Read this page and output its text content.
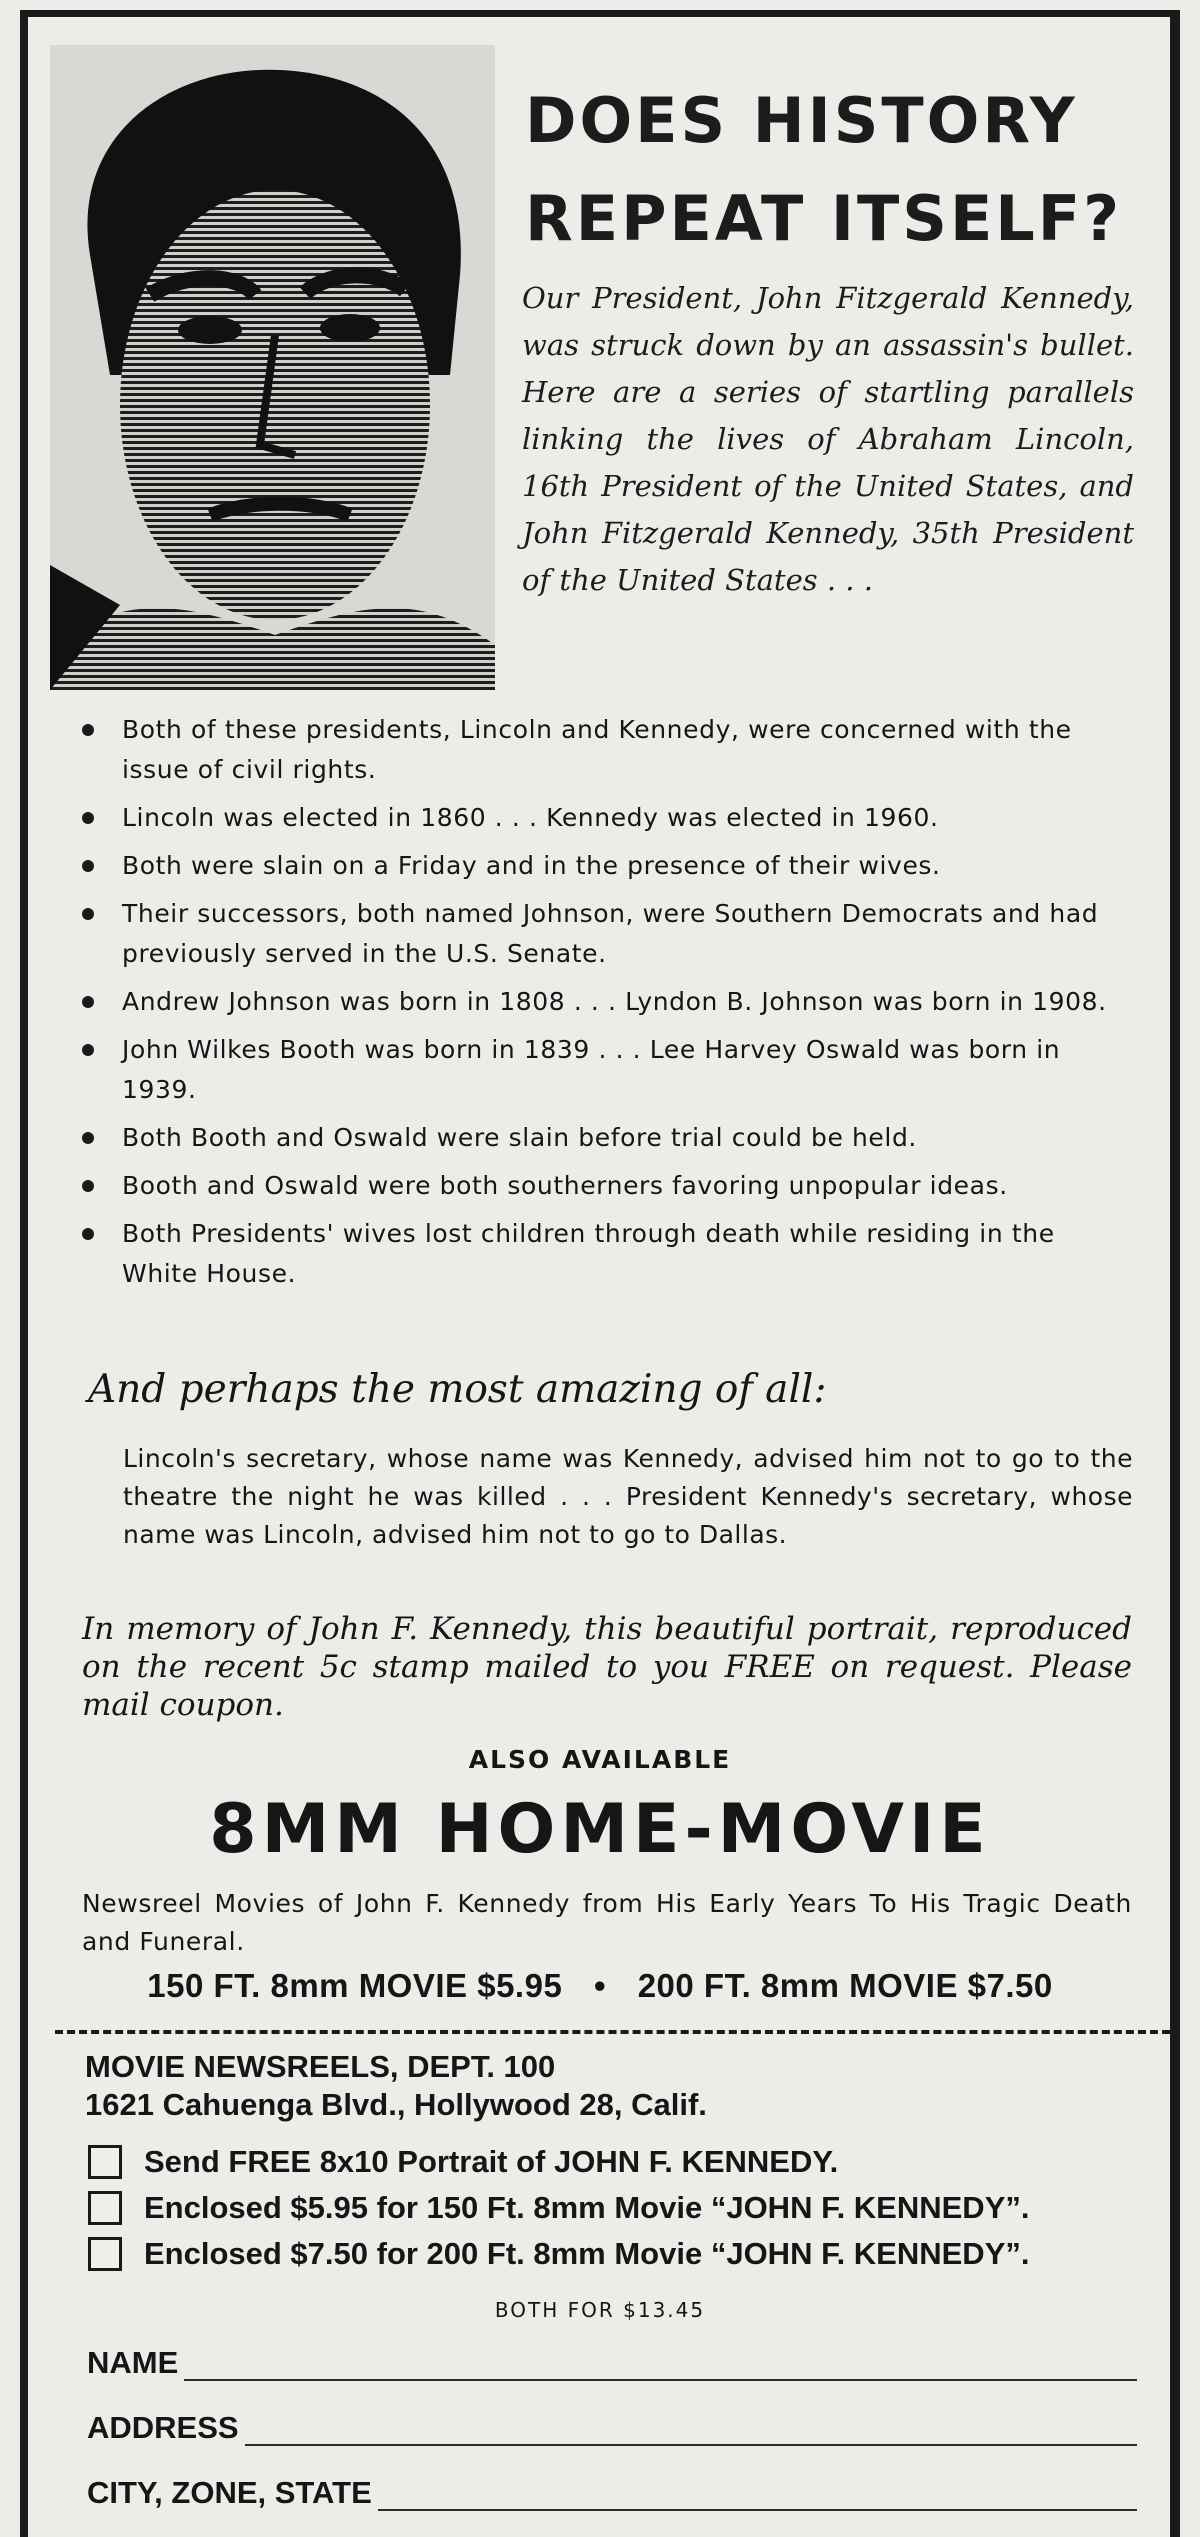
DOES HISTORY
REPEAT ITSELF?
Our President, John Fitzgerald Kennedy, was struck down by an assassin's bullet. Here are a series of startling parallels linking the lives of Abraham Lincoln, 16th President of the United States, and John Fitzgerald Kennedy, 35th President of the United States . . .
Both of these presidents, Lincoln and Kennedy, were concerned with the issue of civil rights.
Lincoln was elected in 1860 . . . Kennedy was elected in 1960.
Both were slain on a Friday and in the presence of their wives.
Their successors, both named Johnson, were Southern Democrats and had previously served in the U.S. Senate.
Andrew Johnson was born in 1808 . . . Lyndon B. Johnson was born in 1908.
John Wilkes Booth was born in 1839 . . . Lee Harvey Oswald was born in 1939.
Both Booth and Oswald were slain before trial could be held.
Booth and Oswald were both southerners favoring unpopular ideas.
Both Presidents' wives lost children through death while residing in the White House.
And perhaps the most amazing of all:
Lincoln's secretary, whose name was Kennedy, advised him not to go to the theatre the night he was killed . . . President Kennedy's secretary, whose name was Lincoln, advised him not to go to Dallas.
In memory of John F. Kennedy, this beautiful portrait, reproduced on the recent 5c stamp mailed to you FREE on request. Please mail coupon.
ALSO AVAILABLE
8MM HOME-MOVIE
Newsreel Movies of John F. Kennedy from His Early Years To His Tragic Death and Funeral.
150 FT. 8mm MOVIE $5.95 • 200 FT. 8mm MOVIE $7.50
MOVIE NEWSREELS, DEPT. 100
1621 Cahuenga Blvd., Hollywood 28, Calif.
Send FREE 8x10 Portrait of JOHN F. KENNEDY.
Enclosed $5.95 for 150 Ft. 8mm Movie “JOHN F. KENNEDY”.
Enclosed $7.50 for 200 Ft. 8mm Movie “JOHN F. KENNEDY”.
BOTH FOR $13.45
NAME
ADDRESS
CITY, ZONE, STATE
